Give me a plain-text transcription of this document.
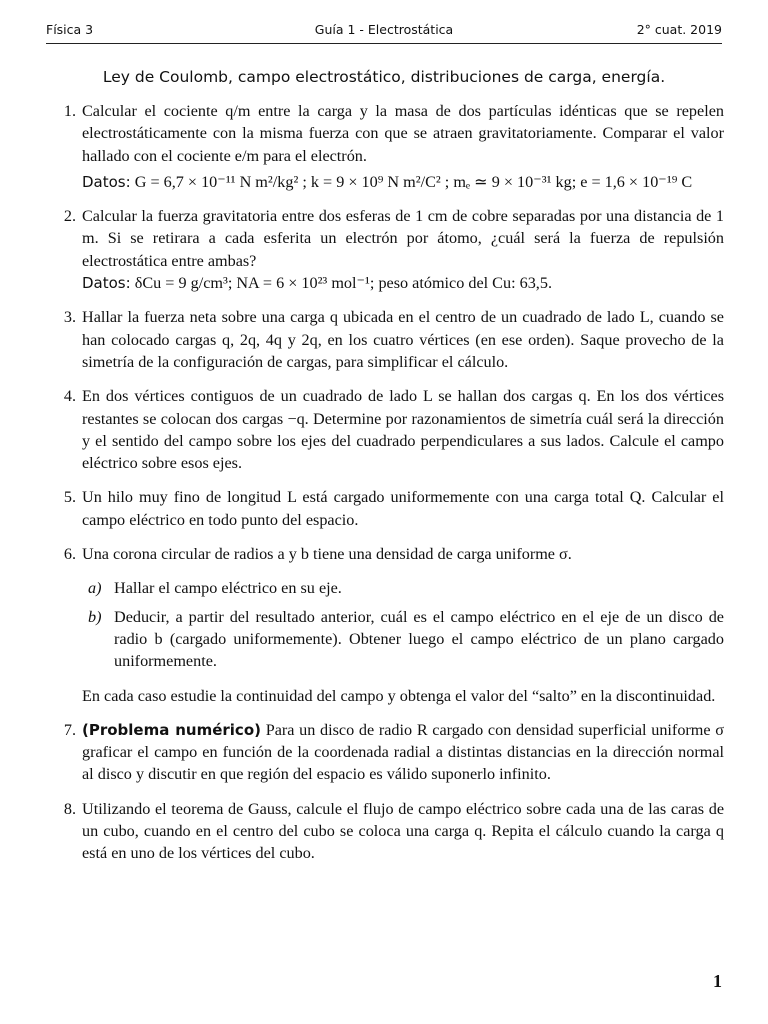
Física 3	Guía 1 - Electrostática	2° cuat. 2019
Ley de Coulomb, campo electrostático, distribuciones de carga, energía.
1. Calcular el cociente q/m entre la carga y la masa de dos partículas idénticas que se repelen electrostáticamente con la misma fuerza con que se atraen gravitatoriamente. Comparar el valor hallado con el cociente e/m para el electrón.
Datos: G = 6,7 × 10⁻¹¹ N m²/kg² ; k = 9 × 10⁹ N m²/C² ; mₑ ≃ 9 × 10⁻³¹ kg; e = 1,6 × 10⁻¹⁹ C
2. Calcular la fuerza gravitatoria entre dos esferas de 1 cm de cobre separadas por una distancia de 1 m. Si se retirara a cada esferita un electrón por átomo, ¿cuál será la fuerza de repulsión electrostática entre ambas?
Datos: δCu = 9 g/cm³; NA = 6 × 10²³ mol⁻¹; peso atómico del Cu: 63,5.
3. Hallar la fuerza neta sobre una carga q ubicada en el centro de un cuadrado de lado L, cuando se han colocado cargas q, 2q, 4q y 2q, en los cuatro vértices (en ese orden). Saque provecho de la simetría de la configuración de cargas, para simplificar el cálculo.
4. En dos vértices contiguos de un cuadrado de lado L se hallan dos cargas q. En los dos vértices restantes se colocan dos cargas −q. Determine por razonamientos de simetría cuál será la dirección y el sentido del campo sobre los ejes del cuadrado perpendiculares a sus lados. Calcule el campo eléctrico sobre esos ejes.
5. Un hilo muy fino de longitud L está cargado uniformemente con una carga total Q. Calcular el campo eléctrico en todo punto del espacio.
6. Una corona circular de radios a y b tiene una densidad de carga uniforme σ.
a) Hallar el campo eléctrico en su eje.
b) Deducir, a partir del resultado anterior, cuál es el campo eléctrico en el eje de un disco de radio b (cargado uniformemente). Obtener luego el campo eléctrico de un plano cargado uniformemente.
En cada caso estudie la continuidad del campo y obtenga el valor del “salto” en la discontinuidad.
7. (Problema numérico) Para un disco de radio R cargado con densidad superficial uniforme σ graficar el campo en función de la coordenada radial a distintas distancias en la dirección normal al disco y discutir en que región del espacio es válido suponerlo infinito.
8. Utilizando el teorema de Gauss, calcule el flujo de campo eléctrico sobre cada una de las caras de un cubo, cuando en el centro del cubo se coloca una carga q. Repita el cálculo cuando la carga q está en uno de los vértices del cubo.
1
